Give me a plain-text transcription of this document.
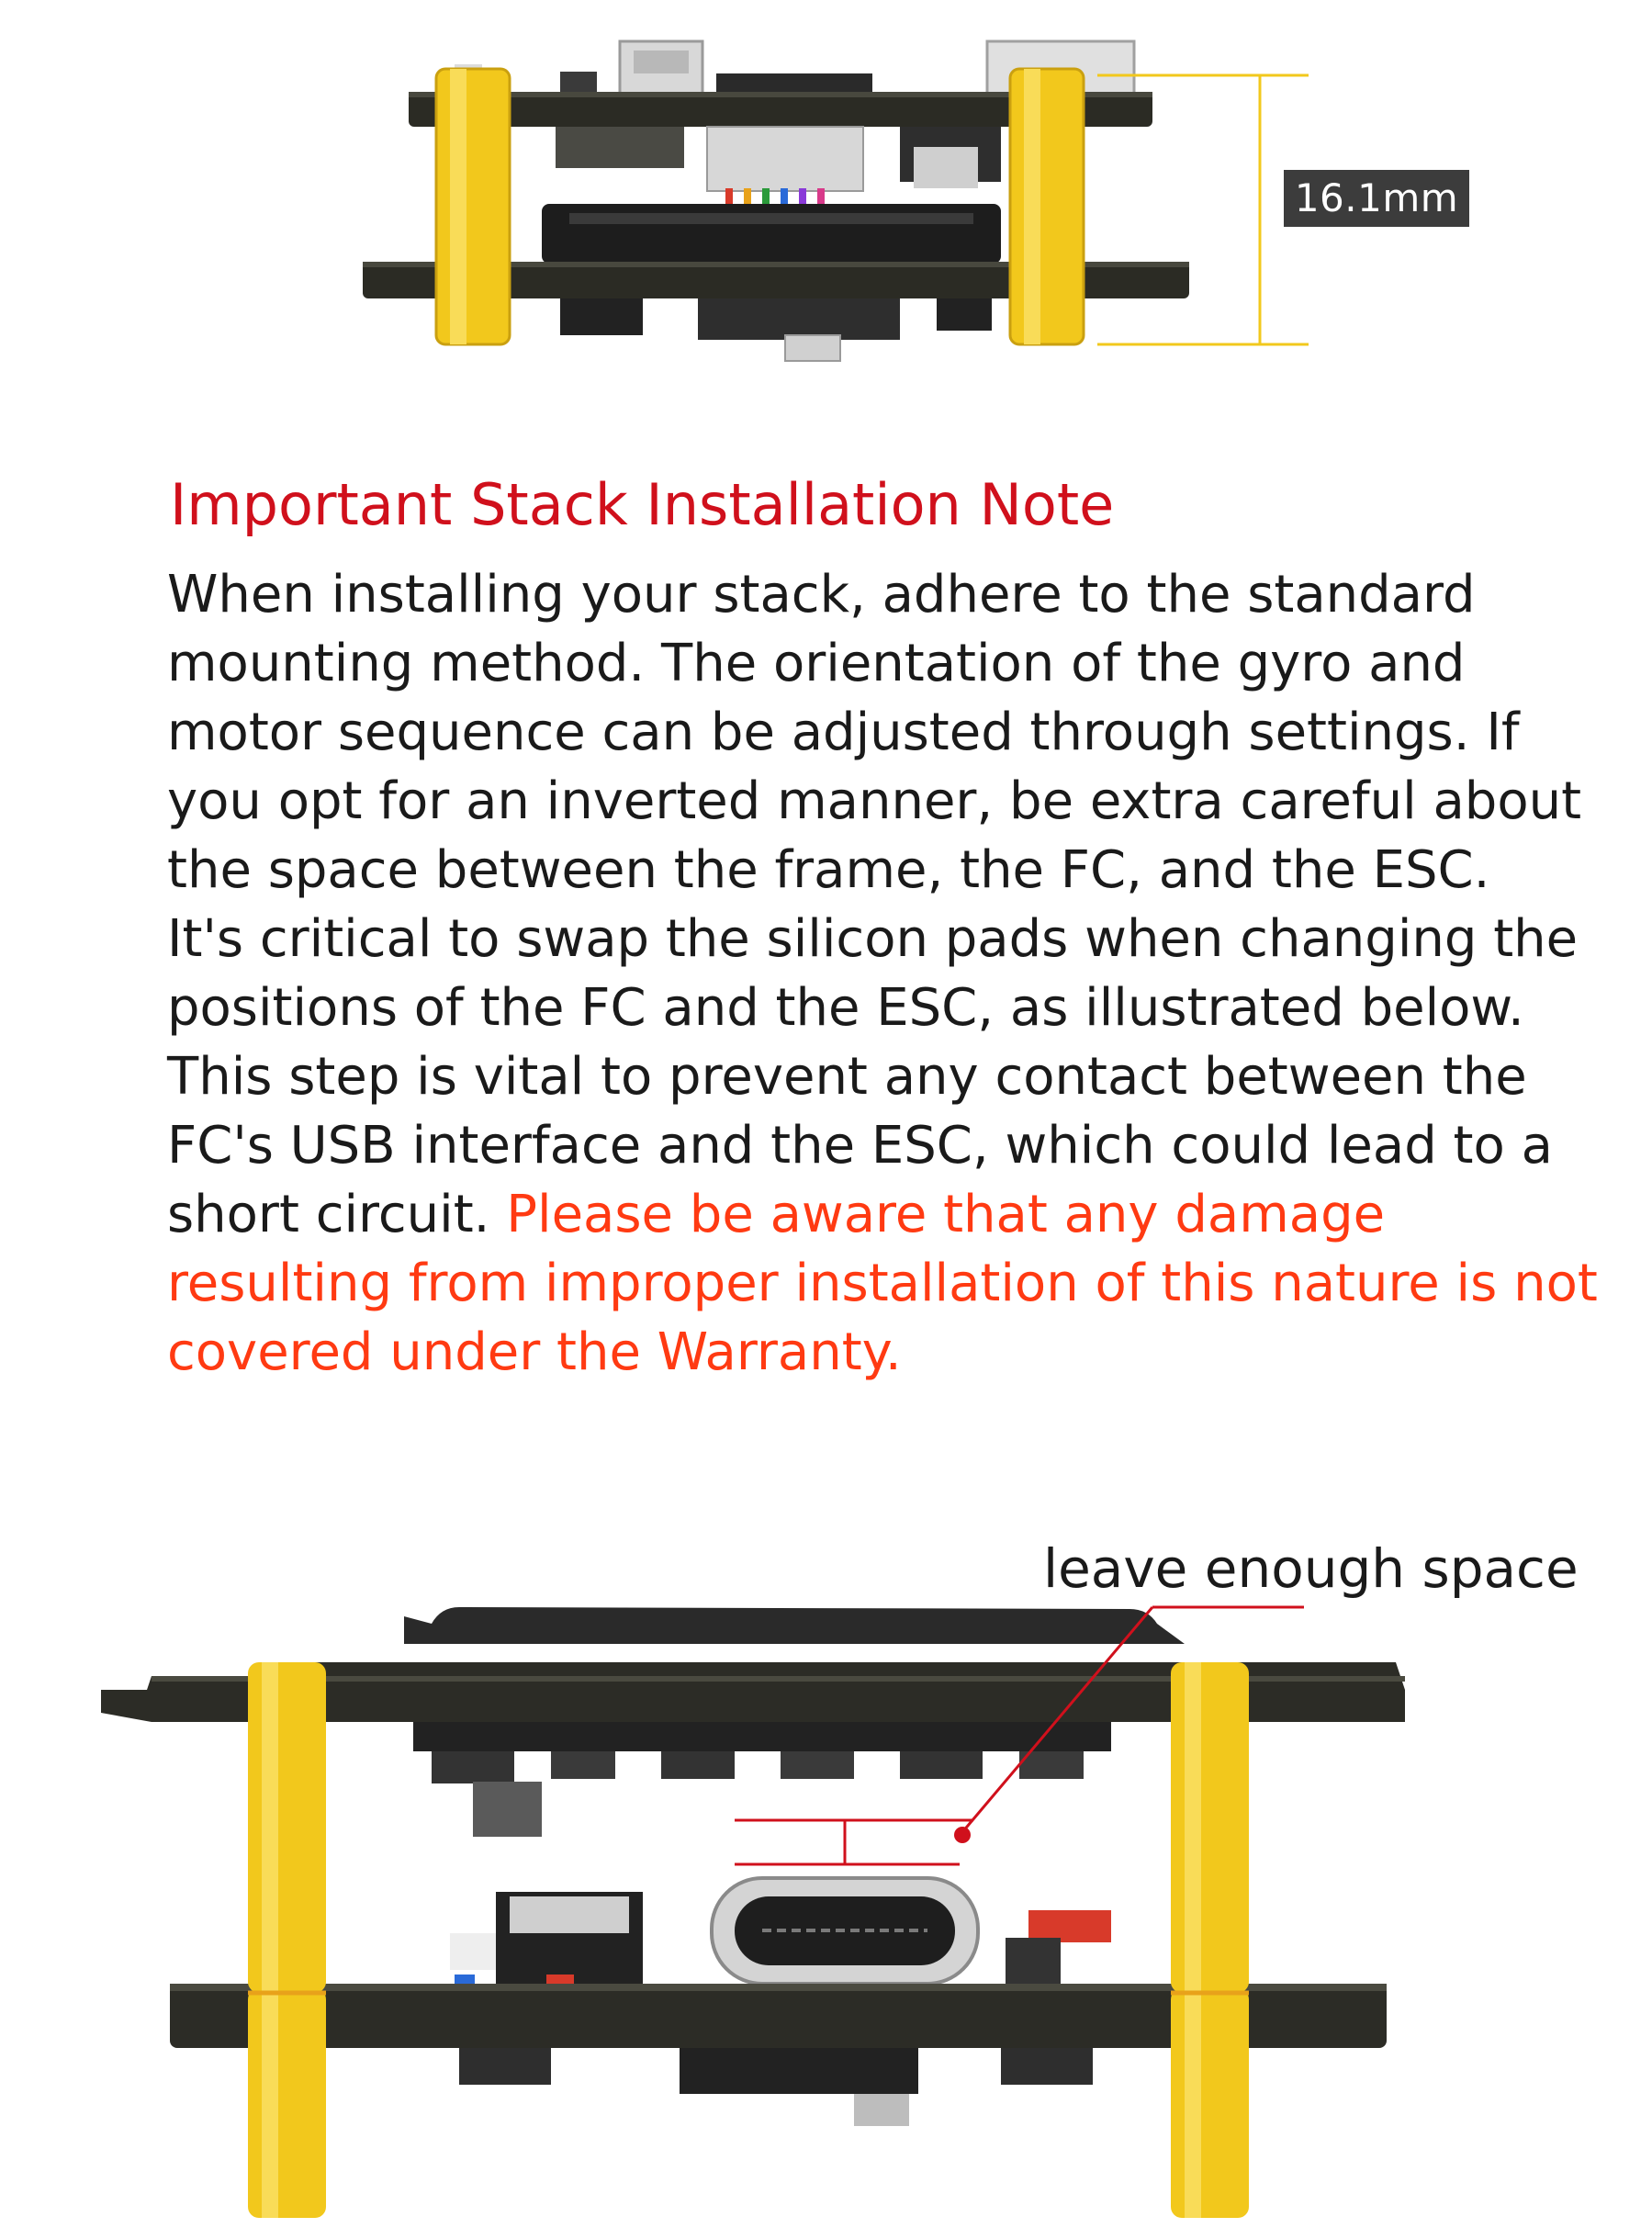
16.1mm
Important Stack Installation Note

When installing your stack, adhere to the standard mounting method. The orientation of the gyro and motor sequence can be adjusted through settings. If you opt for an inverted manner, be extra careful about the space between the frame, the FC, and the ESC.

It's critical to swap the silicon pads when changing the positions of the FC and the ESC, as illustrated below. This step is vital to prevent any contact between the FC's USB interface and the ESC, which could lead to a short circuit. Please be aware that any damage resulting from improper installation of this nature is not covered under the Warranty.

leave enough space
